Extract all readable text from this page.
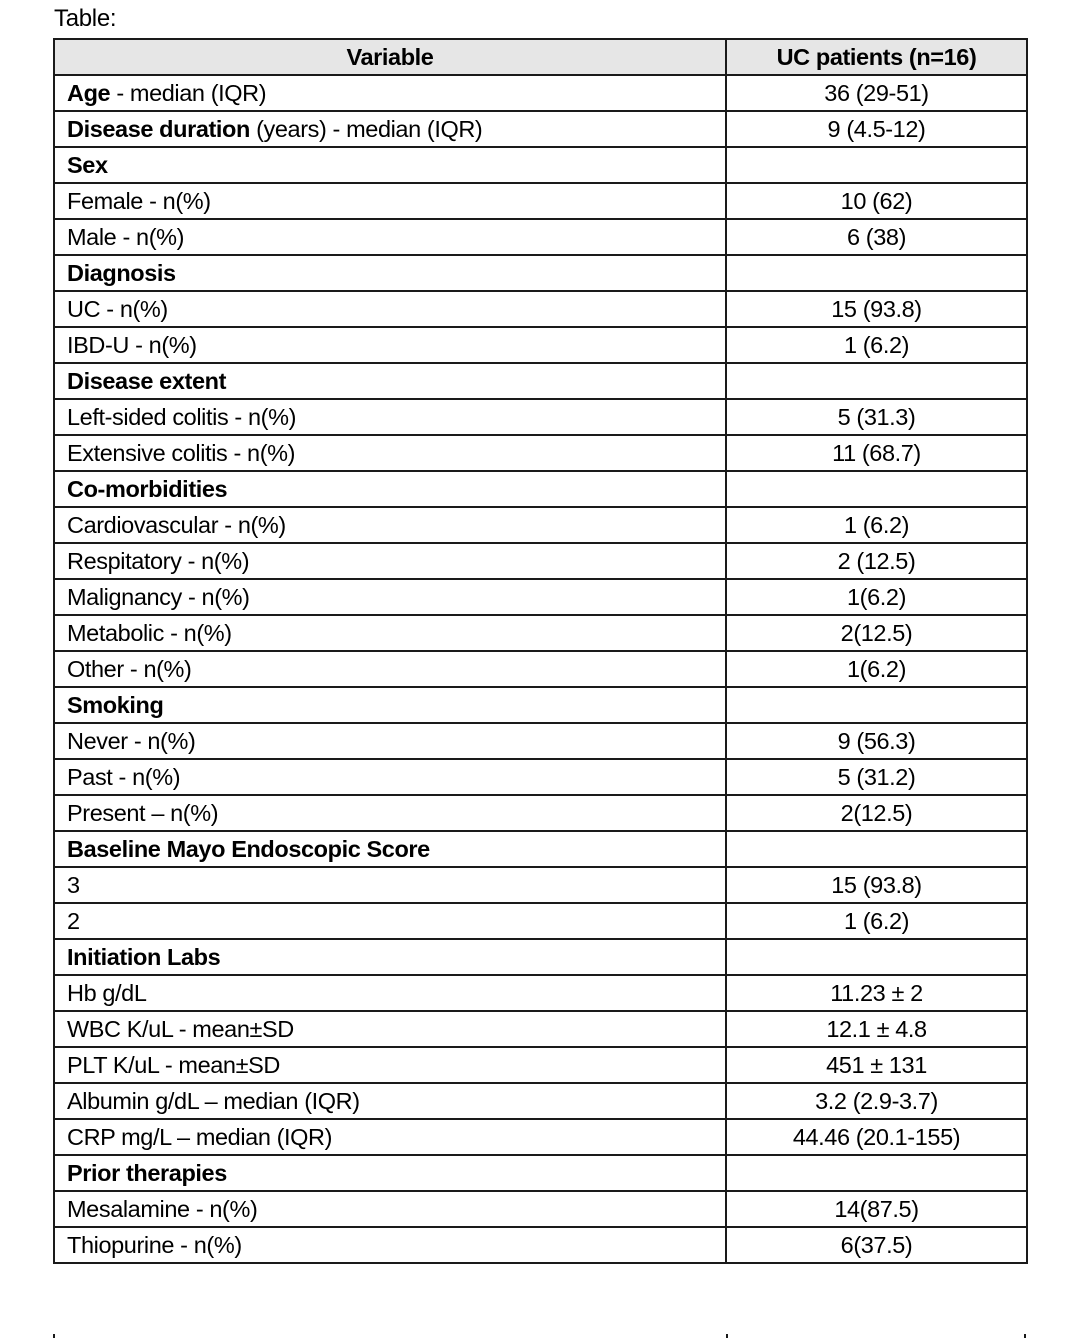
Table:
Variable	UC patients (n=16)
Age - median (IQR)	36 (29-51)
Disease duration (years) - median (IQR)	9 (4.5-12)
Sex	
Female - n(%)	10 (62)
Male - n(%)	6 (38)
Diagnosis	
UC - n(%)	15 (93.8)
IBD-U - n(%)	1 (6.2)
Disease extent	
Left-sided colitis - n(%)	5 (31.3)
Extensive colitis - n(%)	11 (68.7)
Co-morbidities	
Cardiovascular - n(%)	1 (6.2)
Respitatory - n(%)	2 (12.5)
Malignancy - n(%)	1(6.2)
Metabolic - n(%)	2(12.5)
Other - n(%)	1(6.2)
Smoking	
Never - n(%)	9 (56.3)
Past - n(%)	5 (31.2)
Present – n(%)	2(12.5)
Baseline Mayo Endoscopic Score	
3	15 (93.8)
2	1 (6.2)
Initiation Labs	
Hb g/dL	11.23 ± 2
WBC K/uL - mean±SD	12.1 ± 4.8
PLT K/uL - mean±SD	451 ± 131
Albumin g/dL – median (IQR)	3.2 (2.9-3.7)
CRP mg/L – median (IQR)	44.46 (20.1-155)
Prior therapies	
Mesalamine - n(%)	14(87.5)
Thiopurine - n(%)	6(37.5)
